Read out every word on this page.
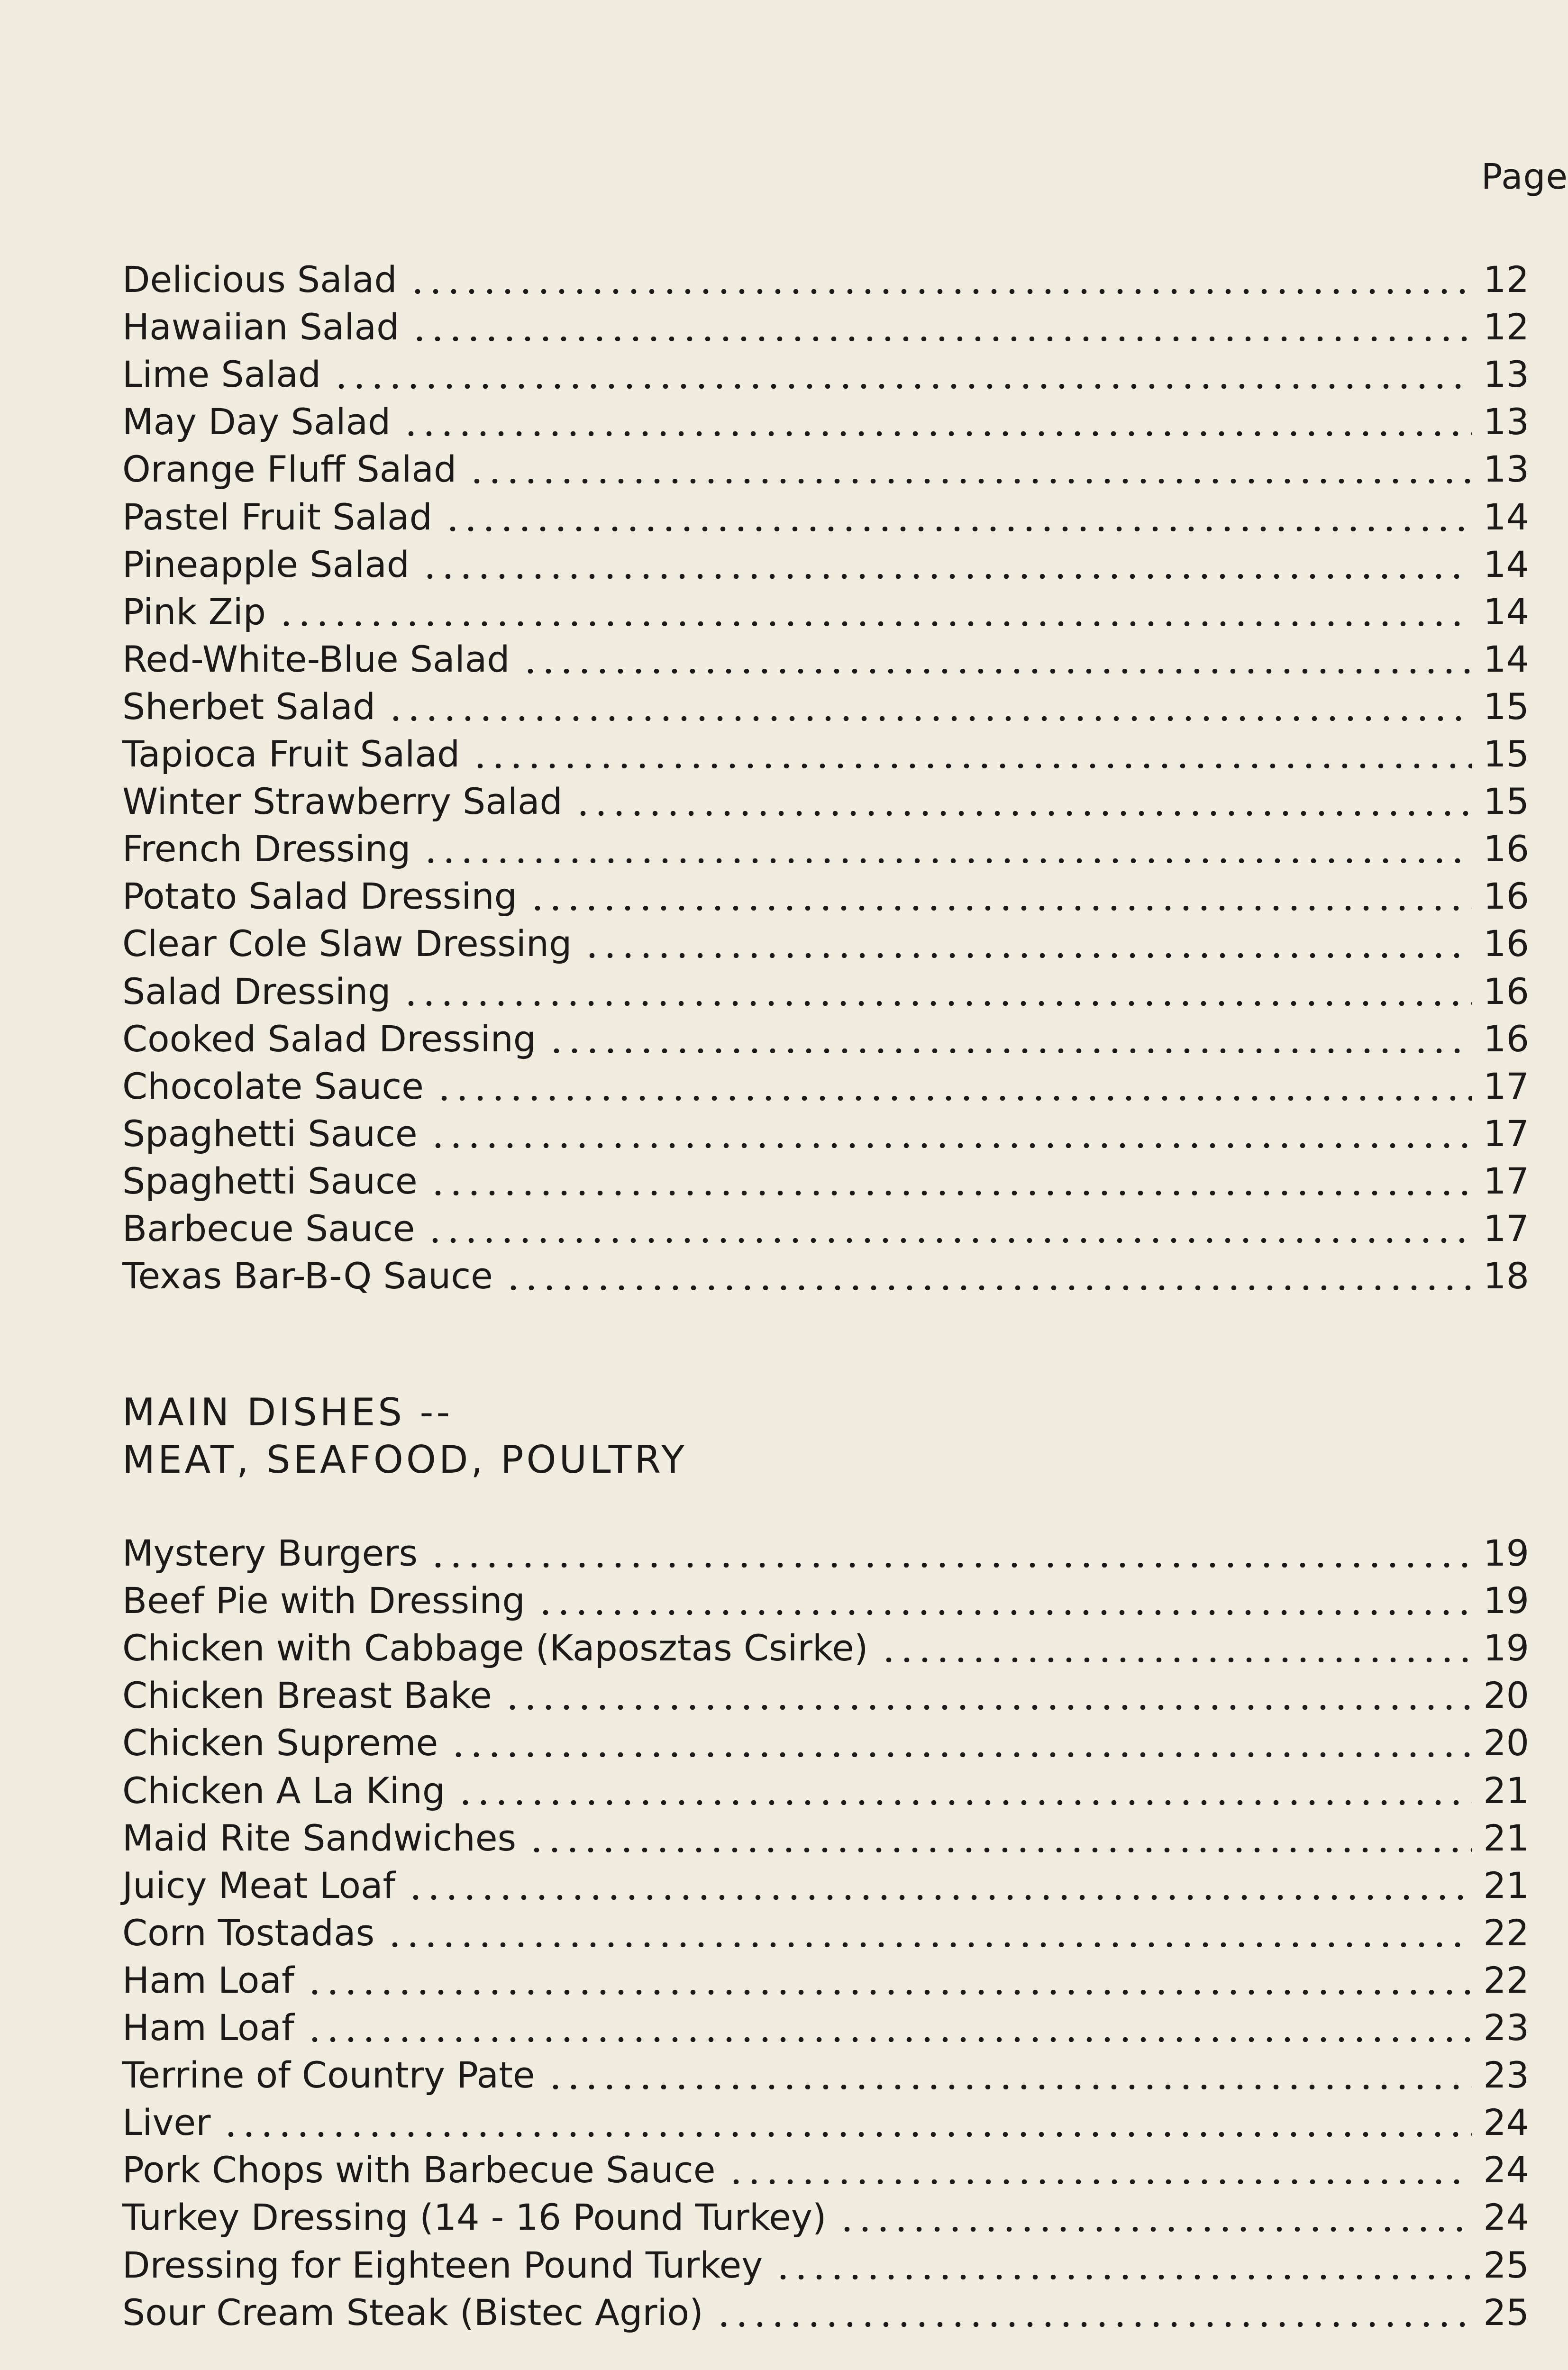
Page
Delicious Salad	12
Hawaiian Salad	12
Lime Salad	13
May Day Salad	13
Orange Fluff Salad	13
Pastel Fruit Salad	14
Pineapple Salad	14
Pink Zip	14
Red-White-Blue Salad	14
Sherbet Salad	15
Tapioca Fruit Salad	15
Winter Strawberry Salad	15
French Dressing	16
Potato Salad Dressing	16
Clear Cole Slaw Dressing	16
Salad Dressing	16
Cooked Salad Dressing	16
Chocolate Sauce	17
Spaghetti Sauce	17
Spaghetti Sauce	17
Barbecue Sauce	17
Texas Bar-B-Q Sauce	18
MAIN DISHES --
MEAT, SEAFOOD, POULTRY
Mystery Burgers	19
Beef Pie with Dressing	19
Chicken with Cabbage (Kaposztas Csirke)	19
Chicken Breast Bake	20
Chicken Supreme	20
Chicken A La King	21
Maid Rite Sandwiches	21
Juicy Meat Loaf	21
Corn Tostadas	22
Ham Loaf	22
Ham Loaf	23
Terrine of Country Pate	23
Liver	24
Pork Chops with Barbecue Sauce	24
Turkey Dressing (14 - 16 Pound Turkey)	24
Dressing for Eighteen Pound Turkey	25
Sour Cream Steak (Bistec Agrio)	25
